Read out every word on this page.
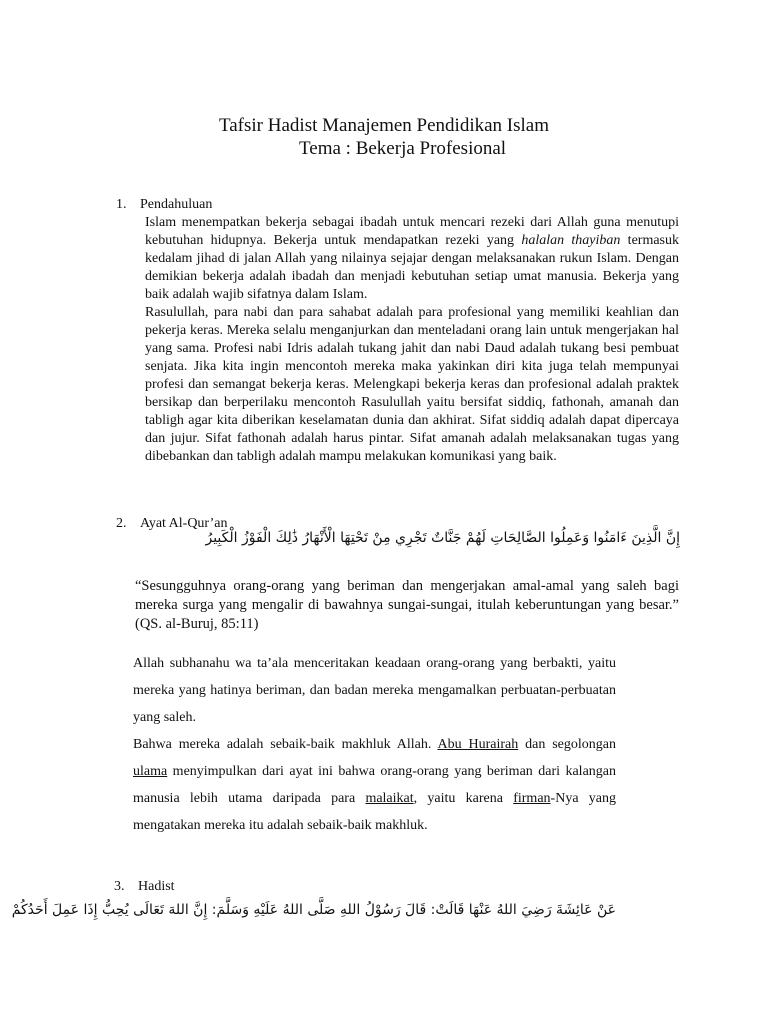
Tafsir Hadist Manajemen Pendidikan Islam
Tema : Bekerja Profesional
1. Pendahuluan

Islam menempatkan bekerja sebagai ibadah untuk mencari rezeki dari Allah guna menutupi kebutuhan hidupnya. Bekerja untuk mendapatkan rezeki yang halalan thayiban termasuk kedalam jihad di jalan Allah yang nilainya sejajar dengan melaksanakan rukun Islam. Dengan demikian bekerja adalah ibadah dan menjadi kebutuhan setiap umat manusia. Bekerja yang baik adalah wajib sifatnya dalam Islam.

Rasulullah, para nabi dan para sahabat adalah para profesional yang memiliki keahlian dan pekerja keras. Mereka selalu menganjurkan dan menteladani orang lain untuk mengerjakan hal yang sama. Profesi nabi Idris adalah tukang jahit dan nabi Daud adalah tukang besi pembuat senjata. Jika kita ingin mencontoh mereka maka yakinkan diri kita juga telah mempunyai profesi dan semangat bekerja keras. Melengkapi bekerja keras dan profesional adalah praktek bersikap dan berperilaku mencontoh Rasulullah yaitu bersifat siddiq, fathonah, amanah dan tabligh agar kita diberikan keselamatan dunia dan akhirat. Sifat siddiq adalah dapat dipercaya dan jujur. Sifat fathonah adalah harus pintar. Sifat amanah adalah melaksanakan tugas yang dibebankan dan tabligh adalah mampu melakukan komunikasi yang baik.

2. Ayat Al-Qur’an
إِنَّ الَّذِينَ ءَامَنُوا وَعَمِلُوا الصَّالِحَاتِ لَهُمْ جَنَّاتٌ تَجْرِي مِنْ تَحْتِهَا الْأَنْهَارُ ذَٰلِكَ الْفَوْزُ الْكَبِيرُ
“Sesungguhnya orang-orang yang beriman dan mengerjakan amal-amal yang saleh bagi mereka surga yang mengalir di bawahnya sungai-sungai, itulah keberuntungan yang besar.” (QS. al-Buruj, 85:11)

Allah subhanahu wa ta’ala menceritakan keadaan orang-orang yang berbakti, yaitu mereka yang hatinya beriman, dan badan mereka mengamalkan perbuatan-perbuatan yang saleh.

Bahwa mereka adalah sebaik-baik makhluk Allah. Abu Hurairah dan segolongan ulama menyimpulkan dari ayat ini bahwa orang-orang yang beriman dari kalangan manusia lebih utama daripada para malaikat, yaitu karena firman-Nya yang mengatakan mereka itu adalah sebaik-baik makhluk.

3. Hadist
عَنْ عَائِشَةَ رَضِيَ اللهُ عَنْهَا قَالَتْ: قَالَ رَسُوْلُ اللهِ صَلَّى اللهُ عَلَيْهِ وَسَلَّمَ: إِنَّ اللهَ تَعَالَى يُحِبُّ إِذَا عَمِلَ أَحَدُكُمْ
